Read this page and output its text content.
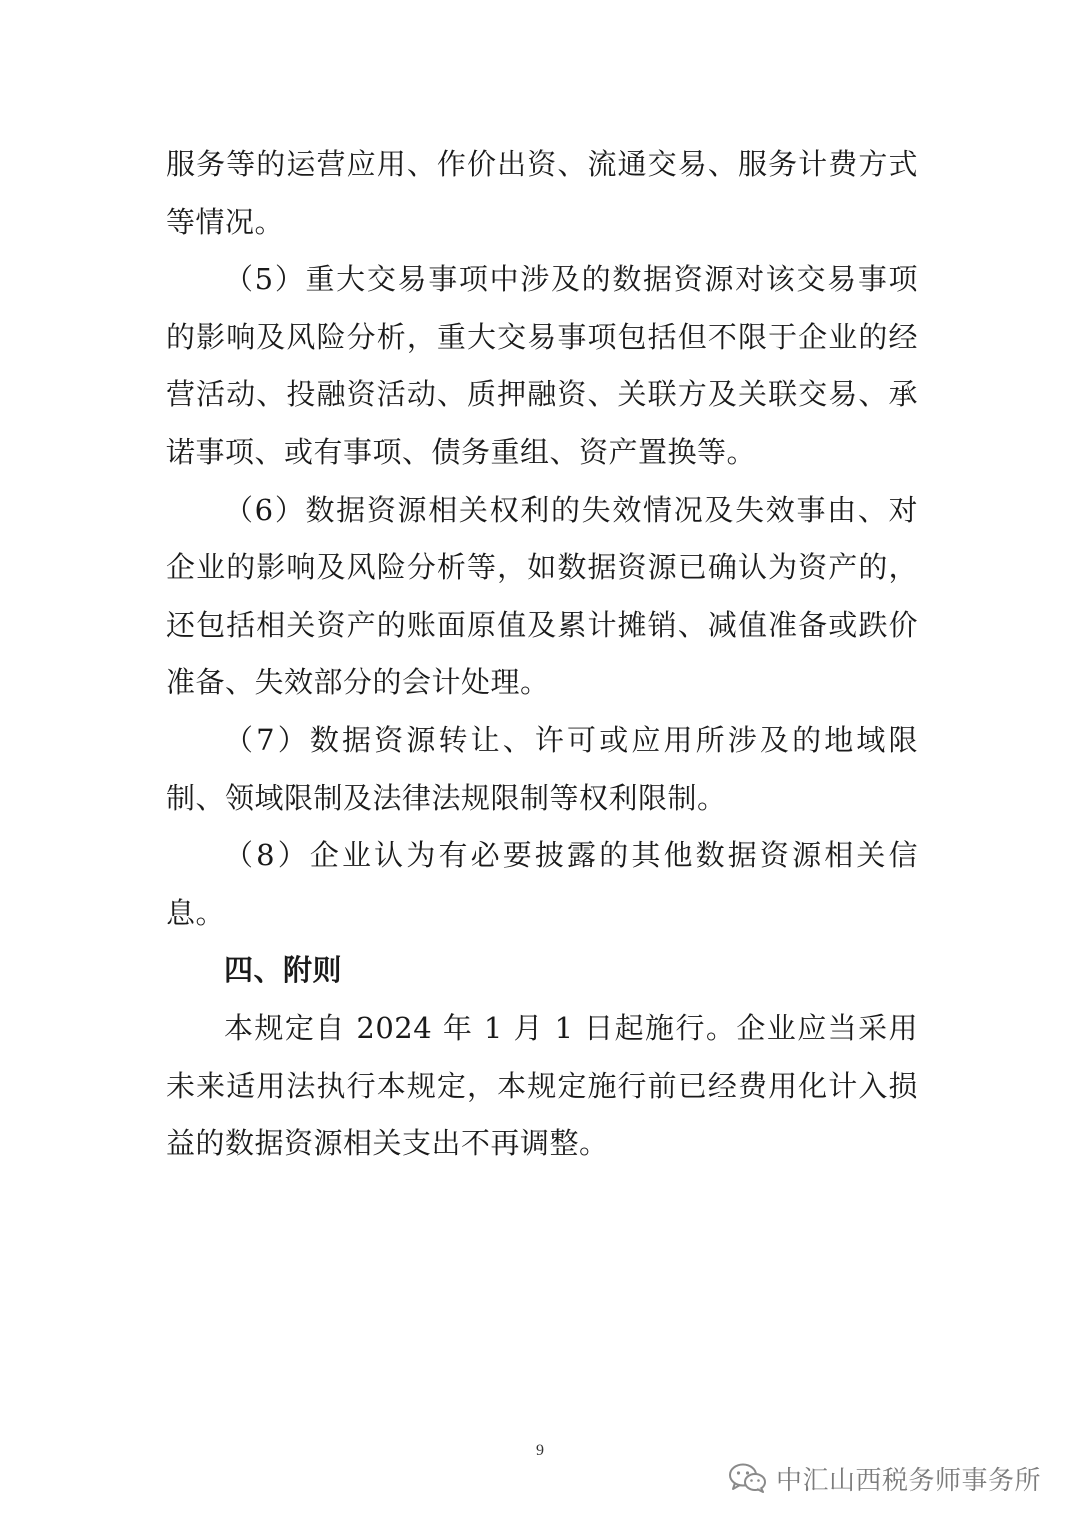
服务等的运营应用、作价出资、流通交易、服务计费方式等情况。

（5）重大交易事项中涉及的数据资源对该交易事项的影响及风险分析，重大交易事项包括但不限于企业的经营活动、投融资活动、质押融资、关联方及关联交易、承诺事项、或有事项、债务重组、资产置换等。

（6）数据资源相关权利的失效情况及失效事由、对企业的影响及风险分析等，如数据资源已确认为资产的，还包括相关资产的账面原值及累计摊销、减值准备或跌价准备、失效部分的会计处理。

（7）数据资源转让、许可或应用所涉及的地域限制、领域限制及法律法规限制等权利限制。

（8）企业认为有必要披露的其他数据资源相关信息。

四、附则

本规定自 2024 年 1 月 1 日起施行。企业应当采用未来适用法执行本规定，本规定施行前已经费用化计入损益的数据资源相关支出不再调整。

9
中汇山西税务师事务所
